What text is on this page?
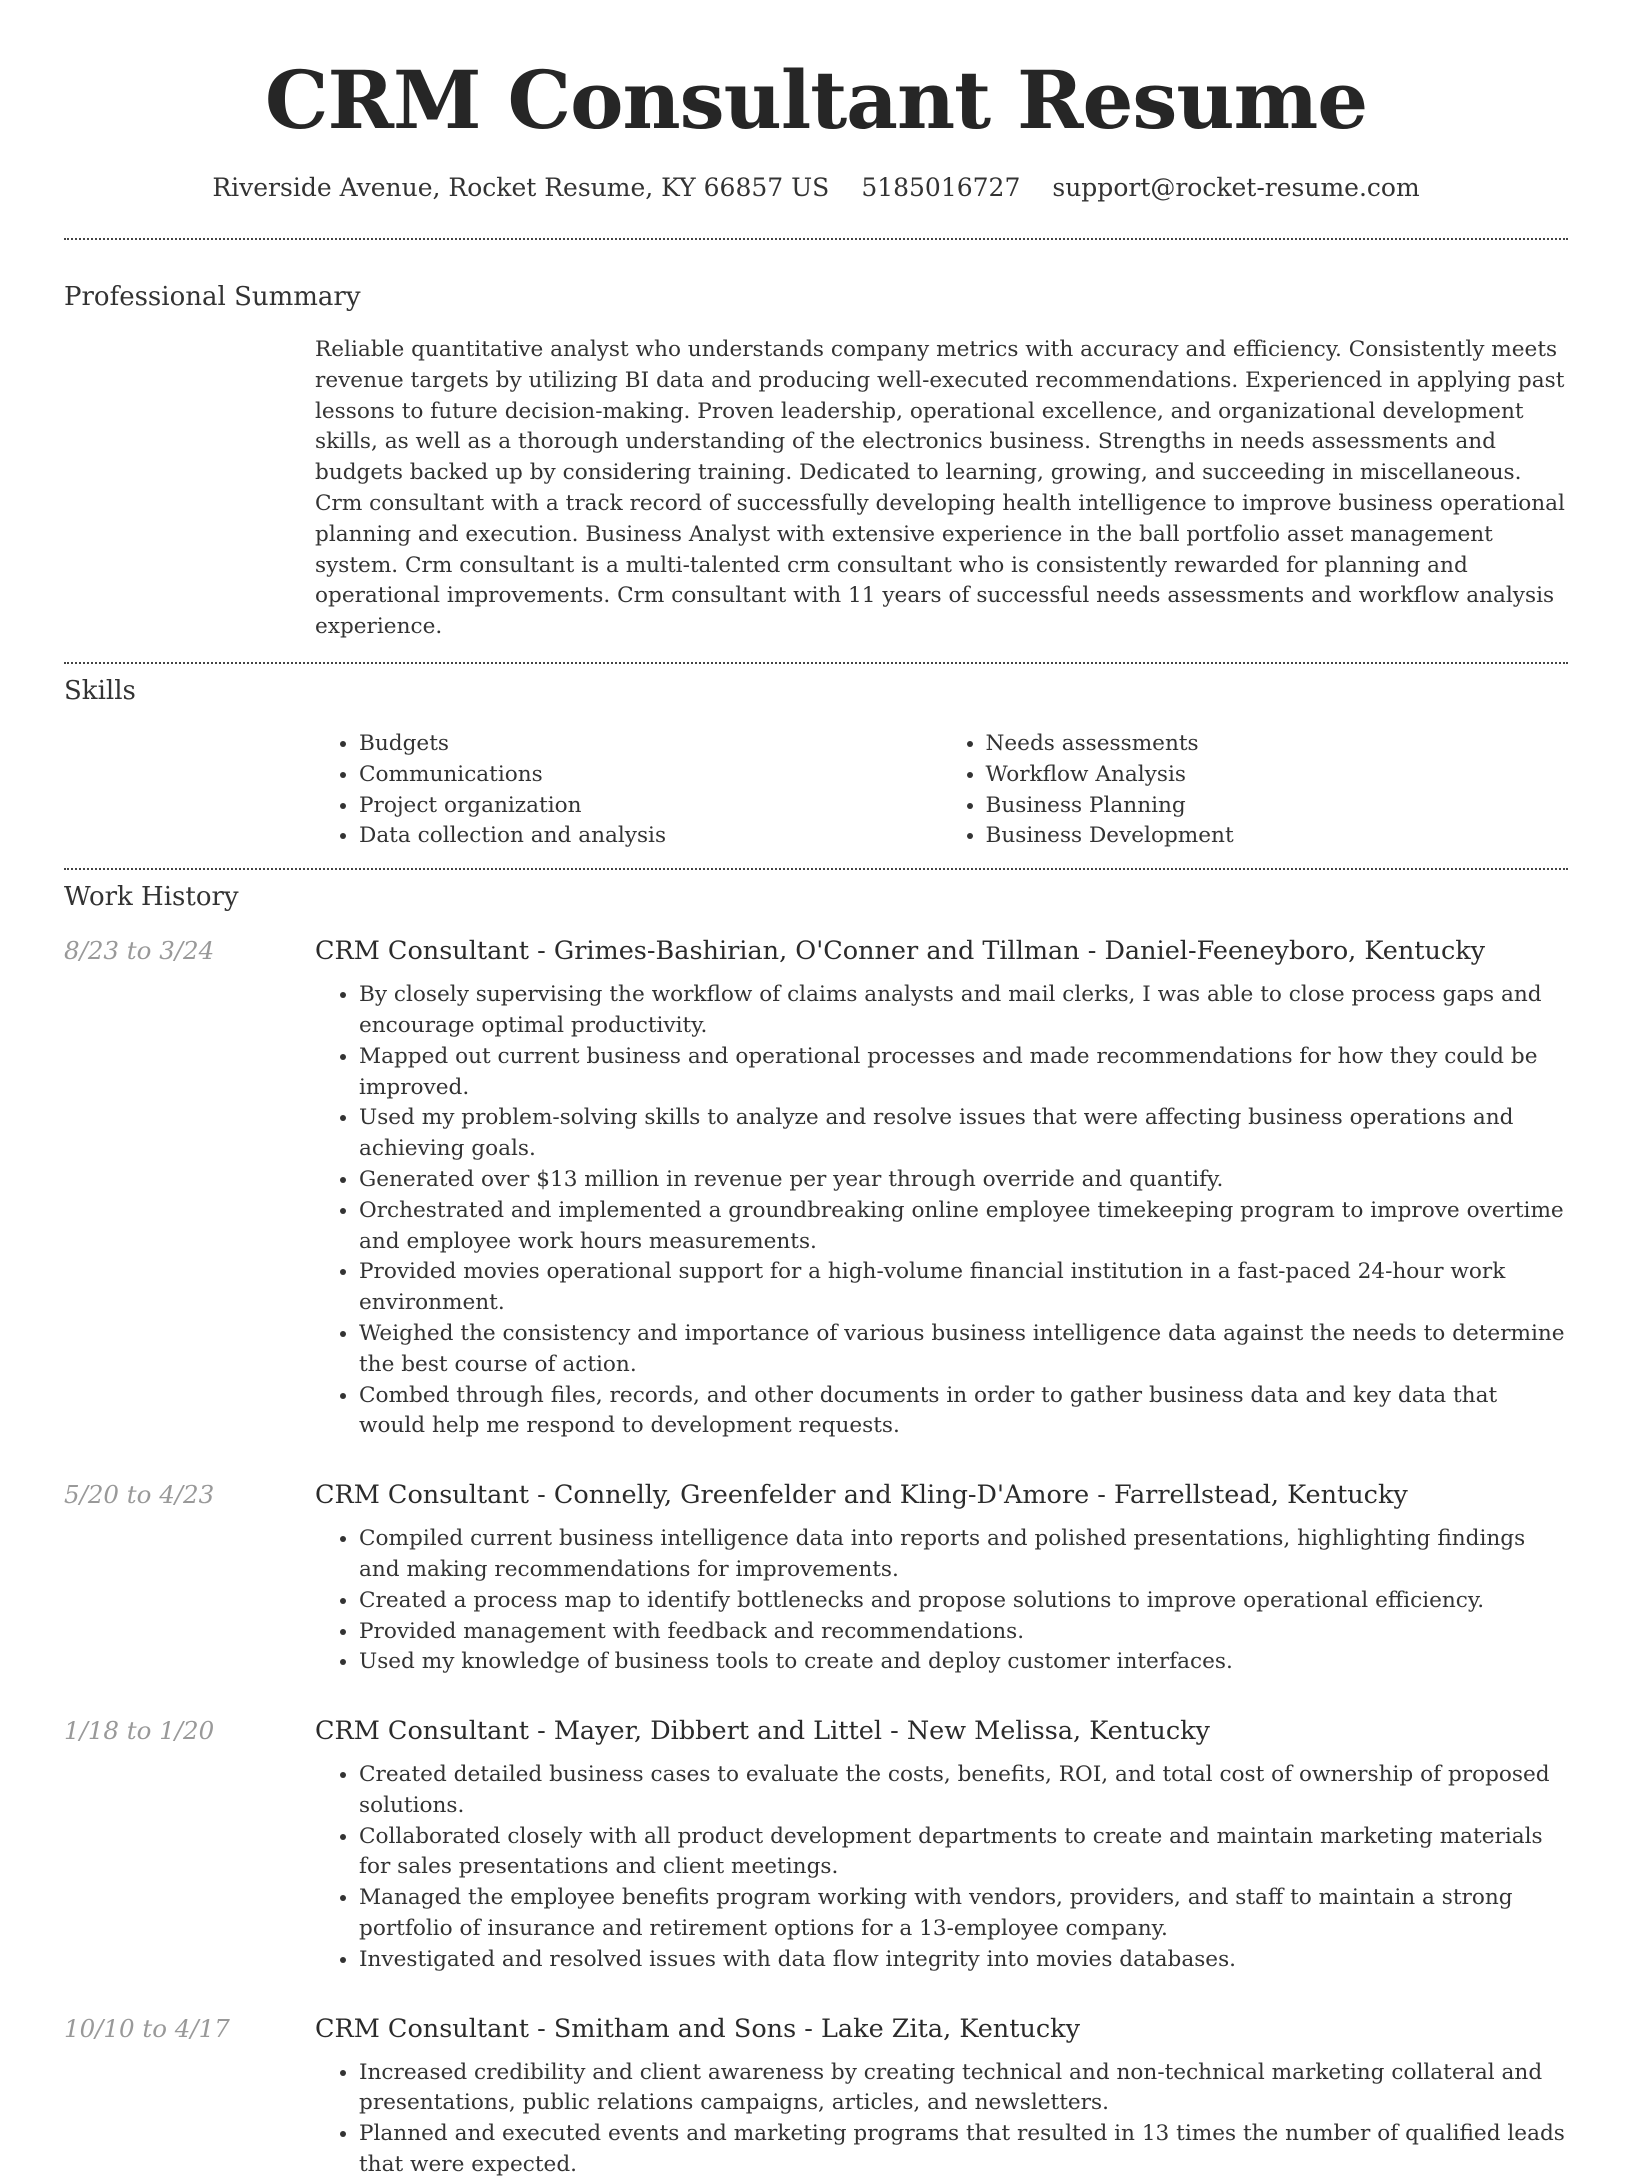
CRM Consultant Resume
Riverside Avenue, Rocket Resume, KY 66857 US 5185016727 support@rocket-resume.com
Professional Summary

Reliable quantitative analyst who understands company metrics with accuracy and efficiency. Consistently meets revenue targets by utilizing BI data and producing well-executed recommendations. Experienced in applying past lessons to future decision-making. Proven leadership, operational excellence, and organizational development skills, as well as a thorough understanding of the electronics business. Strengths in needs assessments and budgets backed up by considering training. Dedicated to learning, growing, and succeeding in miscellaneous. Crm consultant with a track record of successfully developing health intelligence to improve business operational planning and execution. Business Analyst with extensive experience in the ball portfolio asset management system. Crm consultant is a multi-talented crm consultant who is consistently rewarded for planning and operational improvements. Crm consultant with 11 years of successful needs assessments and workflow analysis experience.

Skills
• Budgets
• Communications
• Project organization
• Data collection and analysis
• Needs assessments
• Workflow Analysis
• Business Planning
• Business Development
Work History
8/23 to 3/24	CRM Consultant - Grimes-Bashirian, O'Conner and Tillman - Daniel-Feeneyboro, Kentucky
• By closely supervising the workflow of claims analysts and mail clerks, I was able to close process gaps and encourage optimal productivity.
• Mapped out current business and operational processes and made recommendations for how they could be improved.
• Used my problem-solving skills to analyze and resolve issues that were affecting business operations and achieving goals.
• Generated over $13 million in revenue per year through override and quantify.
• Orchestrated and implemented a groundbreaking online employee timekeeping program to improve overtime and employee work hours measurements.
• Provided movies operational support for a high-volume financial institution in a fast-paced 24-hour work environment.
• Weighed the consistency and importance of various business intelligence data against the needs to determine the best course of action.
• Combed through files, records, and other documents in order to gather business data and key data that would help me respond to development requests.
5/20 to 4/23	CRM Consultant - Connelly, Greenfelder and Kling-D'Amore - Farrellstead, Kentucky
• Compiled current business intelligence data into reports and polished presentations, highlighting findings and making recommendations for improvements.
• Created a process map to identify bottlenecks and propose solutions to improve operational efficiency.
• Provided management with feedback and recommendations.
• Used my knowledge of business tools to create and deploy customer interfaces.
1/18 to 1/20	CRM Consultant - Mayer, Dibbert and Littel - New Melissa, Kentucky
• Created detailed business cases to evaluate the costs, benefits, ROI, and total cost of ownership of proposed solutions.
• Collaborated closely with all product development departments to create and maintain marketing materials for sales presentations and client meetings.
• Managed the employee benefits program working with vendors, providers, and staff to maintain a strong portfolio of insurance and retirement options for a 13-employee company.
• Investigated and resolved issues with data flow integrity into movies databases.
10/10 to 4/17	CRM Consultant - Smitham and Sons - Lake Zita, Kentucky
• Increased credibility and client awareness by creating technical and non-technical marketing collateral and presentations, public relations campaigns, articles, and newsletters.
• Planned and executed events and marketing programs that resulted in 13 times the number of qualified leads that were expected.
